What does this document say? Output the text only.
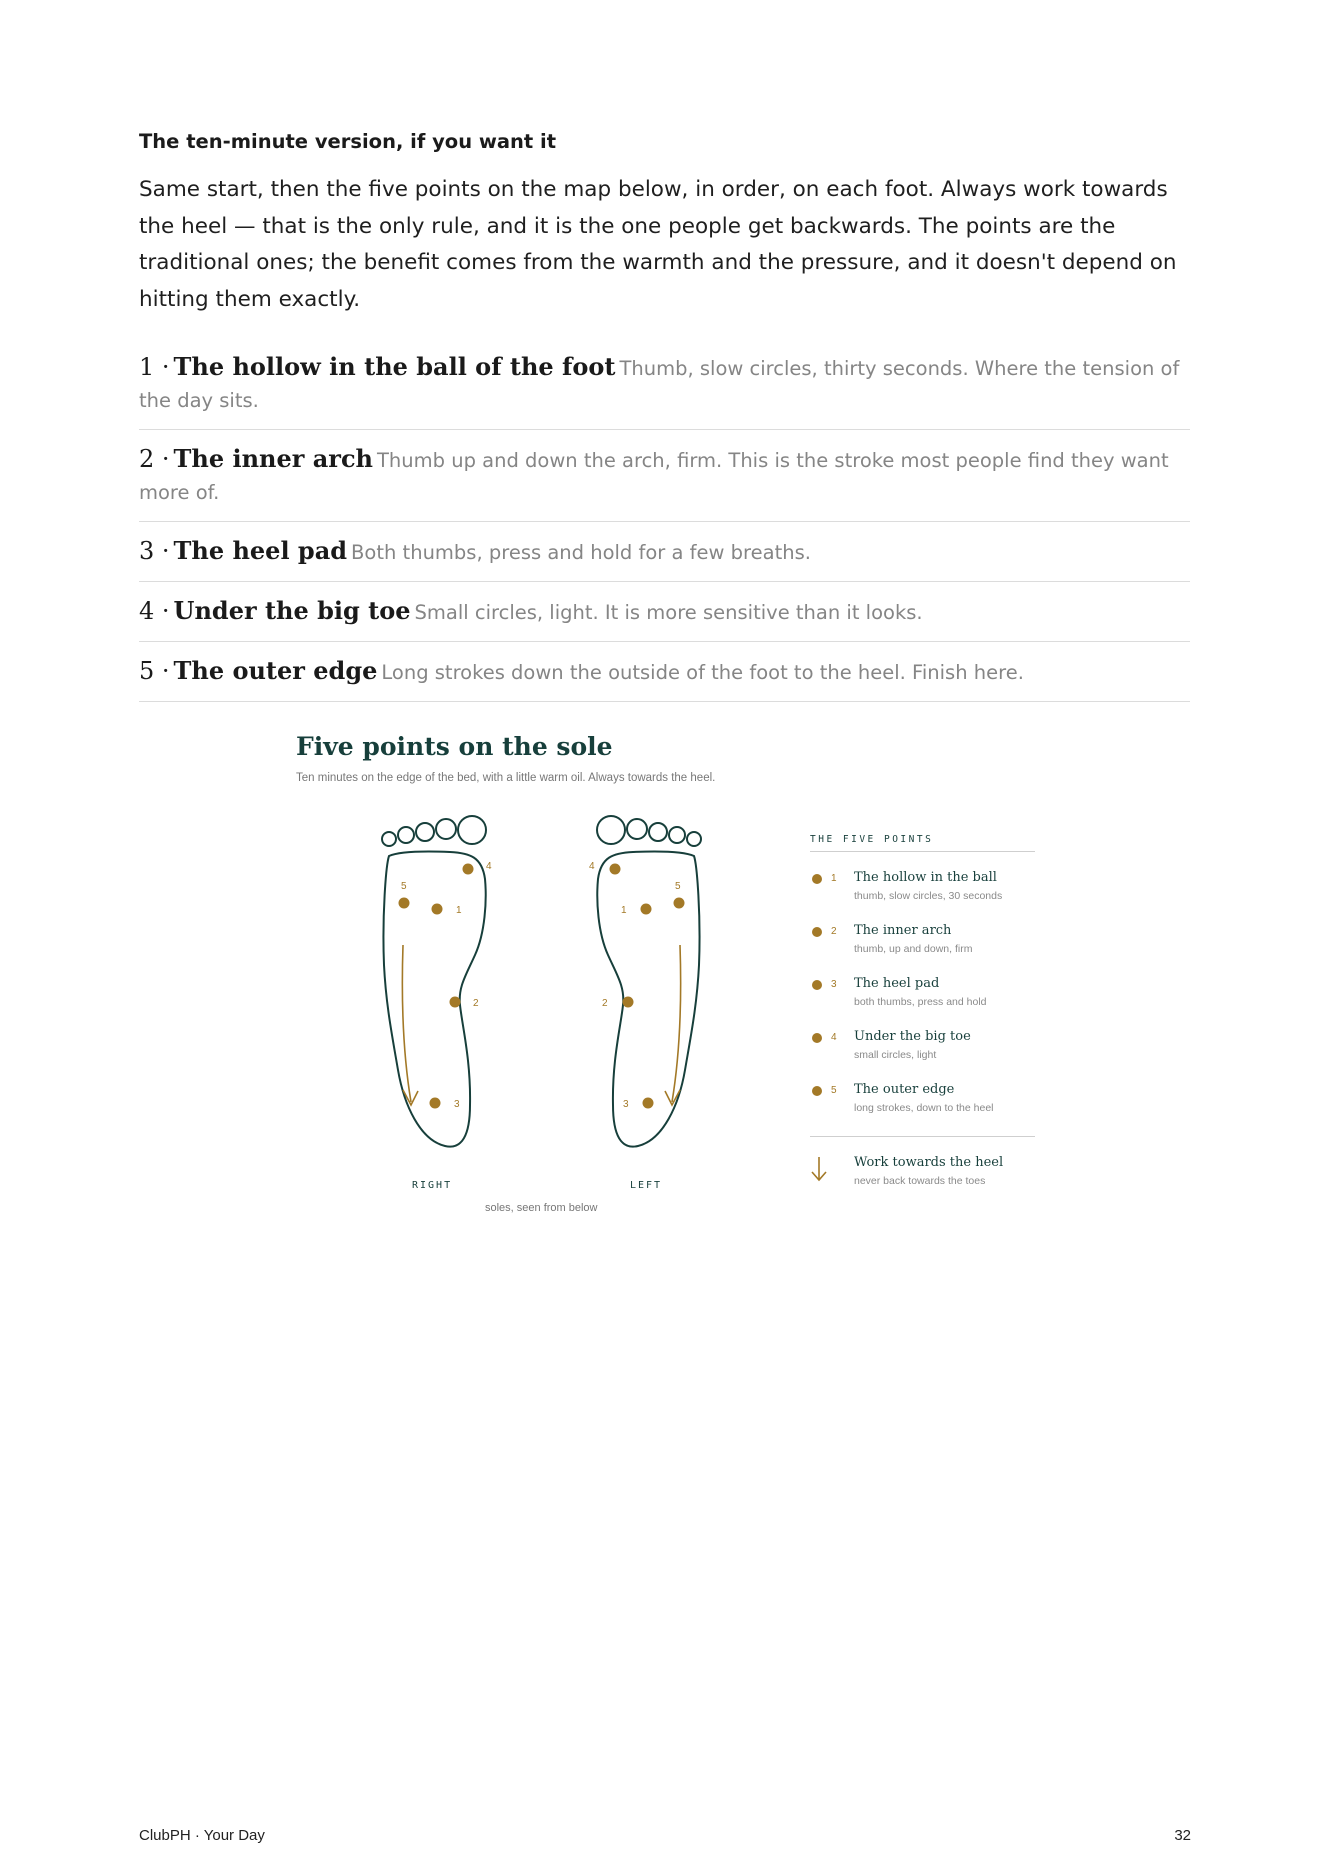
The ten-minute version, if you want it

Same start, then the five points on the map below, in order, on each foot. Always work towards the heel — that is the only rule, and it is the one people get backwards. The points are the traditional ones; the benefit comes from the warmth and the pressure, and it doesn't depend on hitting them exactly.

1 · The hollow in the ball of the foot Thumb, slow circles, thirty seconds. Where the tension of the day sits.
2 · The inner arch Thumb up and down the arch, firm. This is the stroke most people find they want more of.
3 · The heel pad Both thumbs, press and hold for a few breaths.
4 · Under the big toe Small circles, light. It is more sensitive than it looks.
5 · The outer edge Long strokes down the outside of the foot to the heel. Finish here.
Five points on the sole
Ten minutes on the edge of the bed, with a little warm oil. Always towards the heel.
1
2
3
4
5
1
2
3
4
5
RIGHT	LEFT
soles, seen from below
THE FIVE POINTS
1 The hollow in the ball
thumb, slow circles, 30 seconds
2 The inner arch
thumb, up and down, firm
3 The heel pad
both thumbs, press and hold
4 Under the big toe
small circles, light
5 The outer edge
long strokes, down to the heel
Work towards the heel
never back towards the toes
ClubPH · Your Day	32
